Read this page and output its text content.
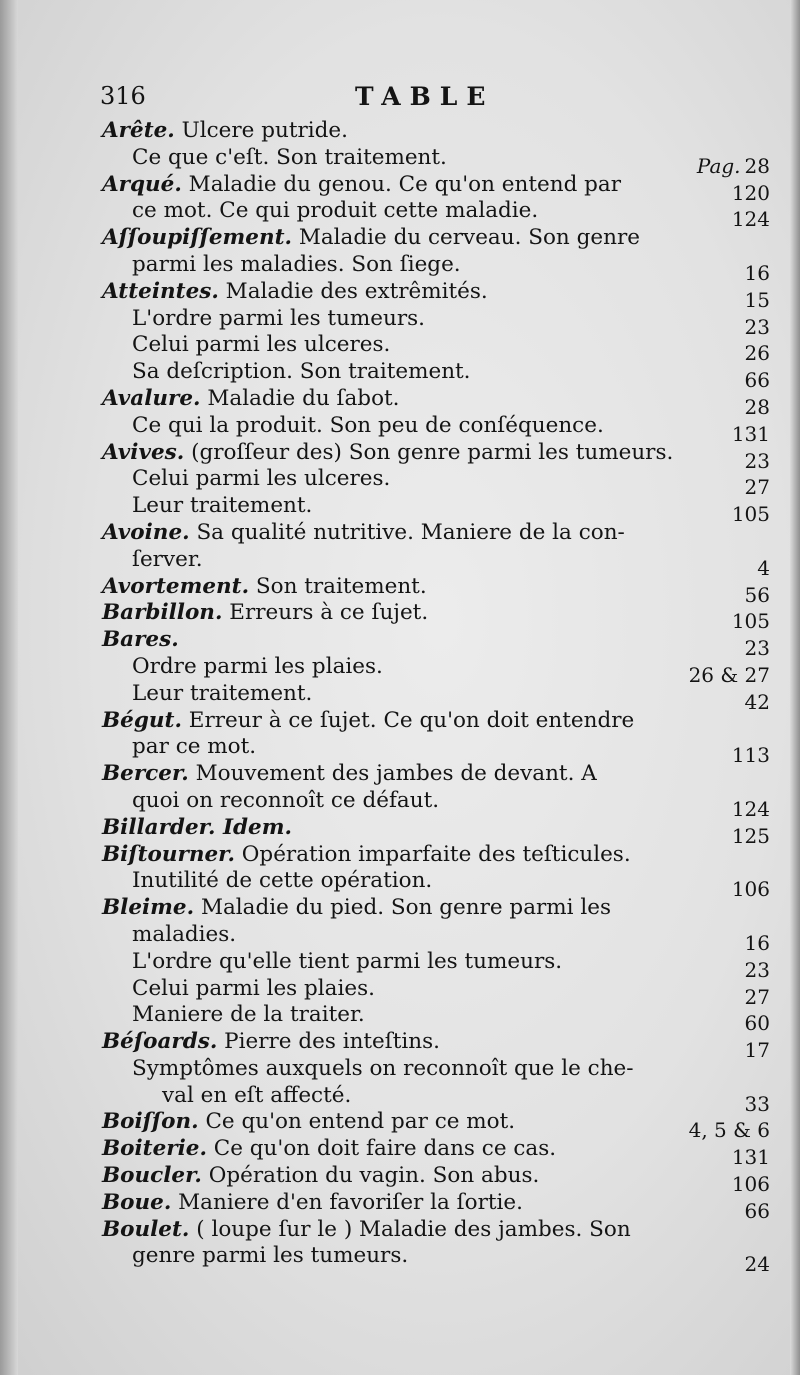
316	TABLE
Arête. Ulcere putride.
Ce que c'eſt. Son traitement.	Pag. 28
Arqué. Maladie du genou. Ce qu'on entend par	120
ce mot. Ce qui produit cette maladie.	124
Aſſoupiſſement. Maladie du cerveau. Son genre
parmi les maladies. Son ſiege.	16
Atteintes. Maladie des extrêmités.	15
L'ordre parmi les tumeurs.	23
Celui parmi les ulceres.	26
Sa deſcription. Son traitement.	66
Avalure. Maladie du ſabot.	28
Ce qui la produit. Son peu de conſéquence.	131
Avives. (groſſeur des) Son genre parmi les tumeurs.	23
Celui parmi les ulceres.	27
Leur traitement.	105
Avoine. Sa qualité nutritive. Maniere de la con-
ſerver.	4
Avortement. Son traitement.	56
Barbillon. Erreurs à ce ſujet.	105
Bares.	23
Ordre parmi les plaies.	26 & 27
Leur traitement.	42
Bégut. Erreur à ce ſujet. Ce qu'on doit entendre
par ce mot.	113
Bercer. Mouvement des jambes de devant. A
quoi on reconnoît ce défaut.	124
Billarder. Idem.	125
Biſtourner. Opération imparfaite des teſticules.
Inutilité de cette opération.	106
Bleime. Maladie du pied. Son genre parmi les
maladies.	16
L'ordre qu'elle tient parmi les tumeurs.	23
Celui parmi les plaies.	27
Maniere de la traiter.	60
Béſoards. Pierre des inteſtins.	17
Symptômes auxquels on reconnoît que le che-
val en eſt affecté.	33
Boiſſon. Ce qu'on entend par ce mot.	4, 5 & 6
Boiterie. Ce qu'on doit faire dans ce cas.	131
Boucler. Opération du vagin. Son abus.	106
Boue. Maniere d'en favoriſer la ſortie.	66
Boulet. ( loupe ſur le ) Maladie des jambes. Son
genre parmi les tumeurs.	24
